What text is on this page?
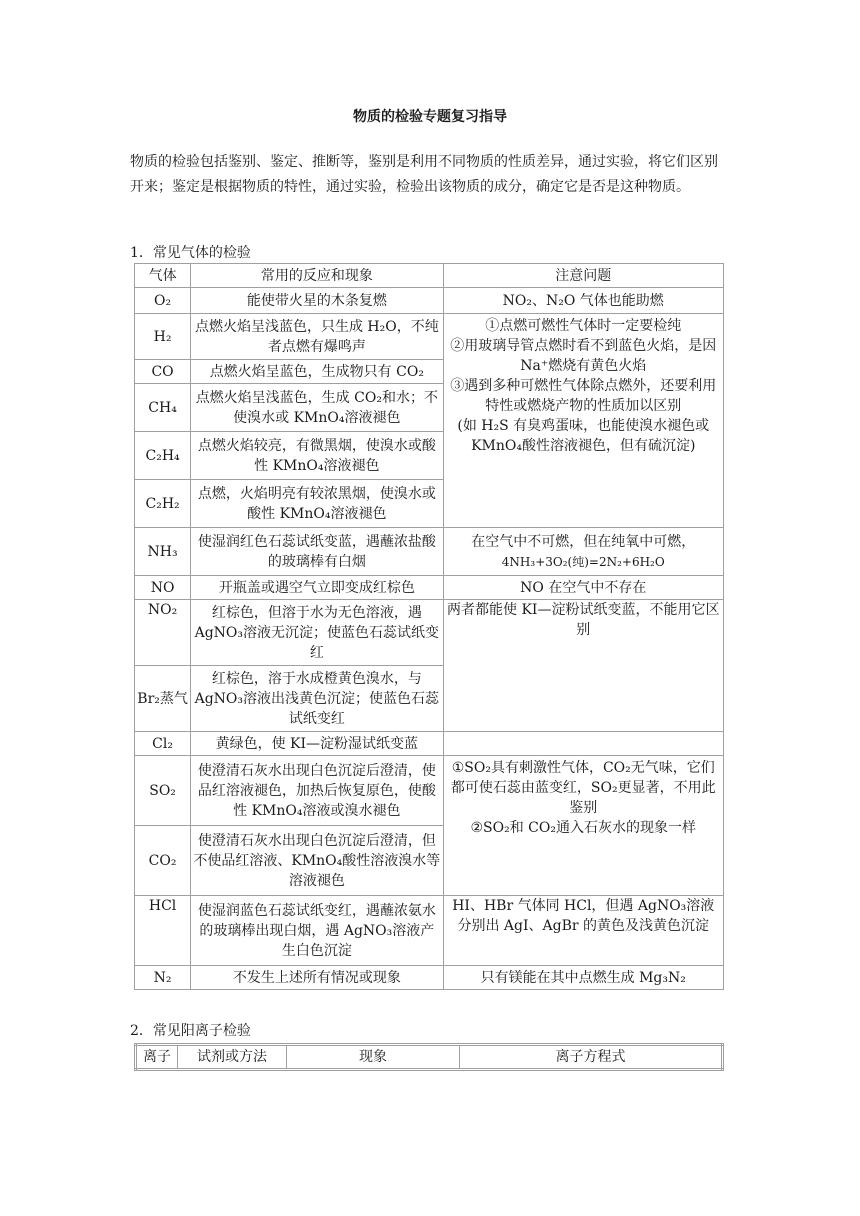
物质的检验专题复习指导
物质的检验包括鉴别、鉴定、推断等，鉴别是利用不同物质的性质差异，通过实验，将它们区别开来；鉴定是根据物质的特性，通过实验，检验出该物质的成分，确定它是否是这种物质。
1．常见气体的检验
气体	常用的反应和现象	注意问题
O₂	能使带火星的木条复燃	NO₂、N₂O 气体也能助燃
H₂	点燃火焰呈浅蓝色，只生成 H₂O，不纯者点燃有爆鸣声	①点燃可燃性气体时一定要检纯
②用玻璃导管点燃时看不到蓝色火焰，是因 Na⁺燃烧有黄色火焰
③遇到多种可燃性气体除点燃外，还要利用特性或燃烧产物的性质加以区别
(如 H₂S 有臭鸡蛋味，也能使溴水褪色或 KMnO₄酸性溶液褪色，但有硫沉淀)

CO	点燃火焰呈蓝色，生成物只有 CO₂	
CH₄	点燃火焰呈浅蓝色，生成 CO₂和水；不使溴水或 KMnO₄溶液褪色	
C₂H₄	点燃火焰较亮，有微黑烟，使溴水或酸性 KMnO₄溶液褪色	
C₂H₂	点燃，火焰明亮有较浓黑烟，使溴水或酸性 KMnO₄溶液褪色	
NH₃	使湿润红色石蕊试纸变蓝，遇蘸浓盐酸的玻璃棒有白烟	在空气中不可燃，但在纯氧中可燃，
4NH₃+3O₂(纯)=2N₂+6H₂O

NO	开瓶盖或遇空气立即变成红棕色	NO 在空气中不存在
NO₂	红棕色，但溶于水为无色溶液，遇 AgNO₃溶液无沉淀；使蓝色石蕊试纸变红	两者都能使 KI—淀粉试纸变蓝，不能用它区别
Br₂蒸气	红棕色，溶于水成橙黄色溴水，与 AgNO₃溶液出浅黄色沉淀；使蓝色石蕊试纸变红	
Cl₂	黄绿色，使 KI—淀粉湿试纸变蓝	
SO₂	使澄清石灰水出现白色沉淀后澄清，使品红溶液褪色，加热后恢复原色，使酸性 KMnO₄溶液或溴水褪色	①SO₂具有刺激性气体，CO₂无气味，它们都可使石蕊由蓝变红，SO₂更显著，不用此鉴别
②SO₂和 CO₂通入石灰水的现象一样

CO₂	使澄清石灰水出现白色沉淀后澄清，但不使品红溶液、KMnO₄酸性溶液溴水等溶液褪色	
HCl	使湿润蓝色石蕊试纸变红，遇蘸浓氨水的玻璃棒出现白烟，遇 AgNO₃溶液产生白色沉淀	HI、HBr 气体同 HCl，但遇 AgNO₃溶液分别出 AgI、AgBr 的黄色及浅黄色沉淀
N₂	不发生上述所有情况或现象	只有镁能在其中点燃生成 Mg₃N₂
2．常见阳离子检验
离子	试剂或方法	现象	离子方程式
